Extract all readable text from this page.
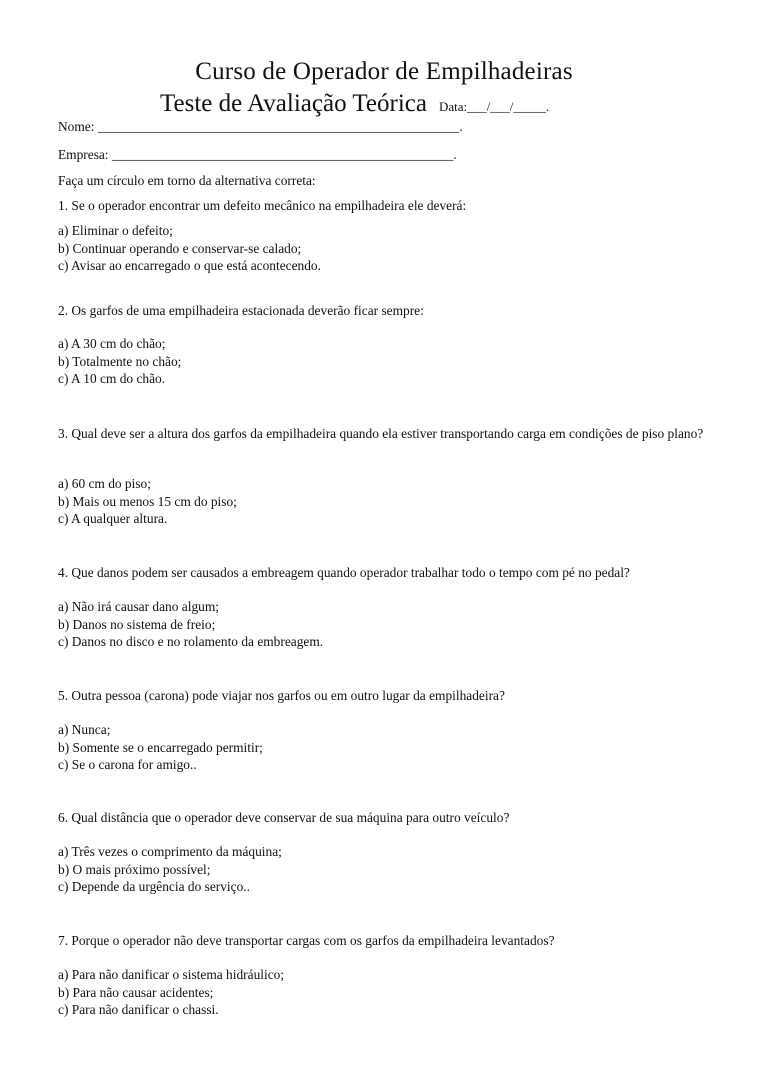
Curso de Operador de Empilhadeiras
Teste de Avaliação Teórica Data:___/___/_____.
Nome: ______________________________________________________.
Empresa: ___________________________________________________.
Faça um círculo em torno da alternativa correta:
1. Se o operador encontrar um defeito mecânico na empilhadeira ele deverá:
a) Eliminar o defeito;
b) Continuar operando e conservar-se calado;
c) Avisar ao encarregado o que está acontecendo.
2. Os garfos de uma empilhadeira estacionada deverão ficar sempre:
a) A 30 cm do chão;
b) Totalmente no chão;
c) A 10 cm do chão.
3. Qual deve ser a altura dos garfos da empilhadeira quando ela estiver transportando carga em condições de piso plano?
a) 60 cm do piso;
b) Mais ou menos 15 cm do piso;
c) A qualquer altura.
4. Que danos podem ser causados a embreagem quando operador trabalhar todo o tempo com pé no pedal?
a) Não irá causar dano algum;
b) Danos no sistema de freio;
c) Danos no disco e no rolamento da embreagem.
5. Outra pessoa (carona) pode viajar nos garfos ou em outro lugar da empilhadeira?
a) Nunca;
b) Somente se o encarregado permitir;
c) Se o carona for amigo..
6. Qual distância que o operador deve conservar de sua máquina para outro veículo?
a) Três vezes o comprimento da máquina;
b) O mais próximo possível;
c) Depende da urgência do serviço..
7. Porque o operador não deve transportar cargas com os garfos da empilhadeira levantados?
a) Para não danificar o sistema hidráulico;
b) Para não causar acidentes;
c) Para não danificar o chassi.
